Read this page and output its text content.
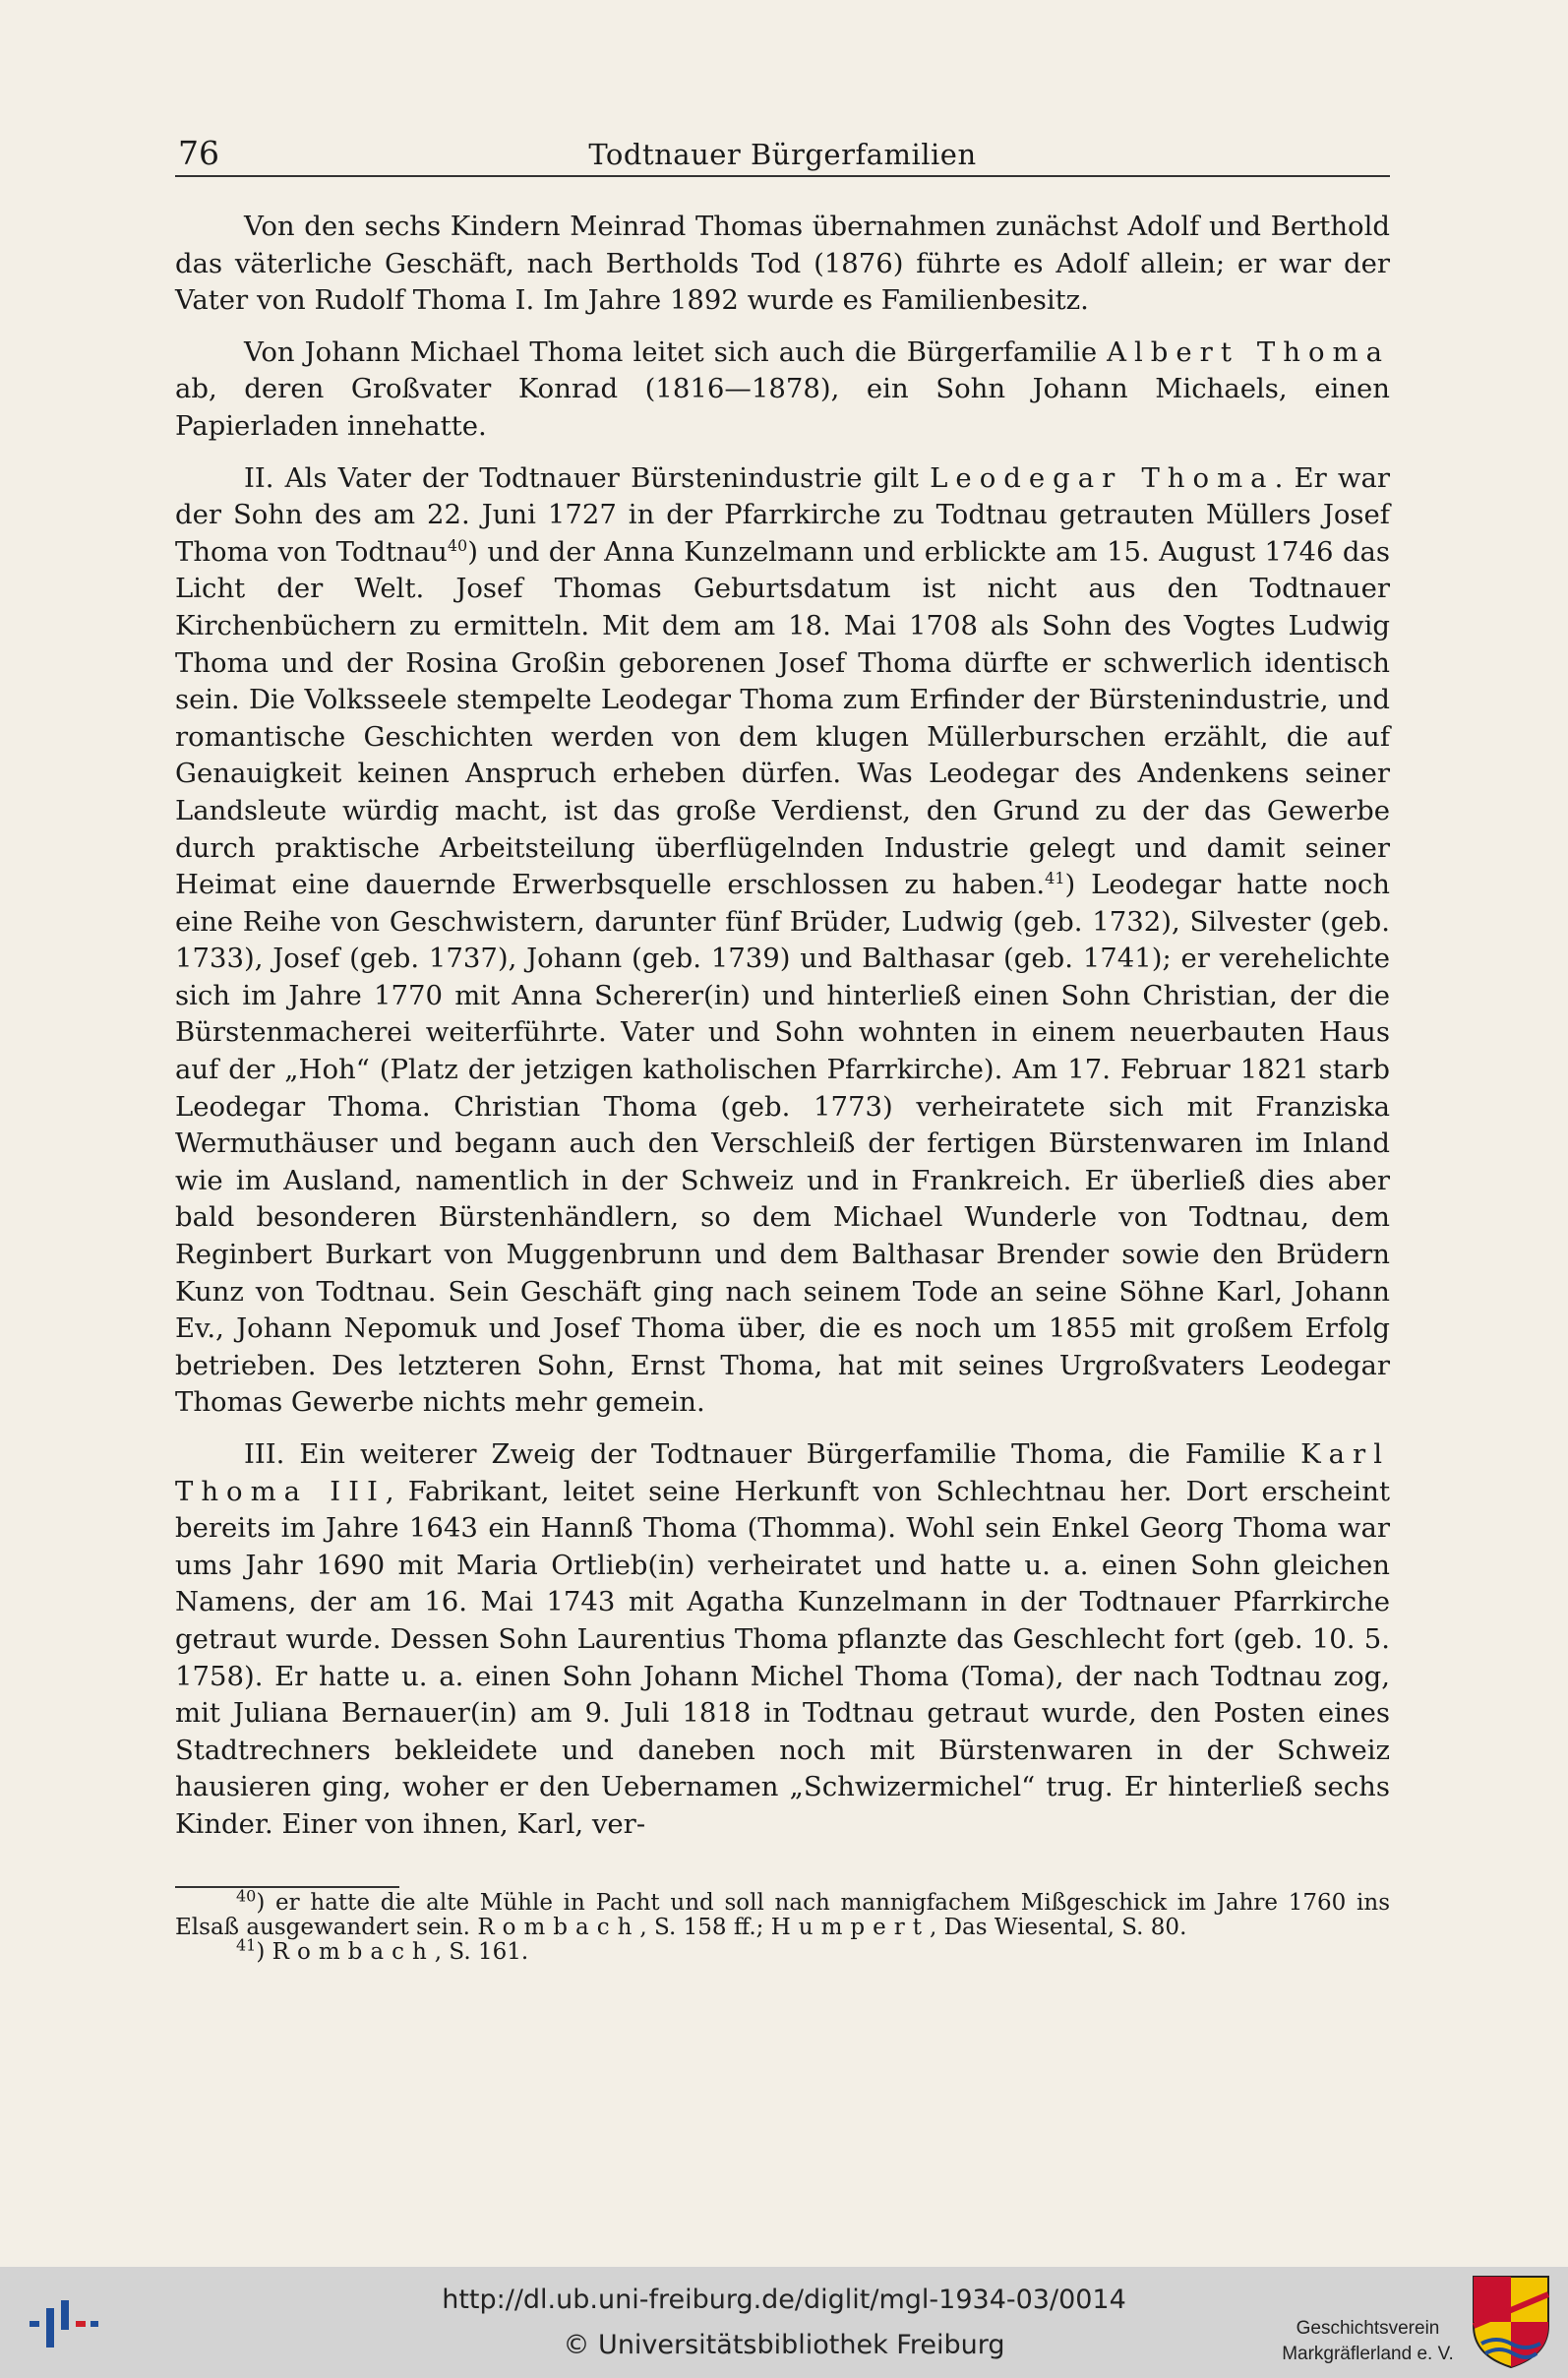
76	Todtnauer Bürgerfamilien

Von den sechs Kindern Meinrad Thomas übernahmen zunächst Adolf und Berthold das väterliche Geschäft, nach Bertholds Tod (1876) führte es Adolf allein; er war der Vater von Rudolf Thoma I. Im Jahre 1892 wurde es Familienbesitz.

Von Johann Michael Thoma leitet sich auch die Bürgerfamilie Albert Thoma ab, deren Großvater Konrad (1816—1878), ein Sohn Johann Michaels, einen Papierladen innehatte.

II. Als Vater der Todtnauer Bürstenindustrie gilt Leodegar Thoma. Er war der Sohn des am 22. Juni 1727 in der Pfarrkirche zu Todtnau getrauten Müllers Josef Thoma von Todtnau$^{40}$) und der Anna Kunzelmann und erblickte am 15. August 1746 das Licht der Welt. Josef Thomas Geburtsdatum ist nicht aus den Todtnauer Kirchenbüchern zu ermitteln. Mit dem am 18. Mai 1708 als Sohn des Vogtes Ludwig Thoma und der Rosina Großin geborenen Josef Thoma dürfte er schwerlich identisch sein. Die Volksseele stempelte Leodegar Thoma zum Erfinder der Bürstenindustrie, und romantische Geschichten werden von dem klugen Müllerburschen erzählt, die auf Genauigkeit keinen Anspruch erheben dürfen. Was Leodegar des Andenkens seiner Landsleute würdig macht, ist das große Verdienst, den Grund zu der das Gewerbe durch praktische Arbeitsteilung überflügelnden Industrie gelegt und damit seiner Heimat eine dauernde Erwerbsquelle erschlossen zu haben.$^{41}$) Leodegar hatte noch eine Reihe von Geschwistern, darunter fünf Brüder, Ludwig (geb. 1732), Silvester (geb. 1733), Josef (geb. 1737), Johann (geb. 1739) und Balthasar (geb. 1741); er verehelichte sich im Jahre 1770 mit Anna Scherer(in) und hinterließ einen Sohn Christian, der die Bürstenmacherei weiterführte. Vater und Sohn wohnten in einem neuerbauten Haus auf der „Hoh“ (Platz der jetzigen katholischen Pfarrkirche). Am 17. Februar 1821 starb Leodegar Thoma. Christian Thoma (geb. 1773) verheiratete sich mit Franziska Wermuthäuser und begann auch den Verschleiß der fertigen Bürstenwaren im Inland wie im Ausland, namentlich in der Schweiz und in Frankreich. Er überließ dies aber bald besonderen Bürstenhändlern, so dem Michael Wunderle von Todtnau, dem Reginbert Burkart von Muggenbrunn und dem Balthasar Brender sowie den Brüdern Kunz von Todtnau. Sein Geschäft ging nach seinem Tode an seine Söhne Karl, Johann Ev., Johann Nepomuk und Josef Thoma über, die es noch um 1855 mit großem Erfolg betrieben. Des letzteren Sohn, Ernst Thoma, hat mit seines Urgroßvaters Leodegar Thomas Gewerbe nichts mehr gemein.

III. Ein weiterer Zweig der Todtnauer Bürgerfamilie Thoma, die Familie Karl Thoma III, Fabrikant, leitet seine Herkunft von Schlechtnau her. Dort erscheint bereits im Jahre 1643 ein Hannß Thoma (Thomma). Wohl sein Enkel Georg Thoma war ums Jahr 1690 mit Maria Ortlieb(in) verheiratet und hatte u. a. einen Sohn gleichen Namens, der am 16. Mai 1743 mit Agatha Kunzelmann in der Todtnauer Pfarrkirche getraut wurde. Dessen Sohn Laurentius Thoma pflanzte das Geschlecht fort (geb. 10. 5. 1758). Er hatte u. a. einen Sohn Johann Michel Thoma (Toma), der nach Todtnau zog, mit Juliana Bernauer(in) am 9. Juli 1818 in Todtnau getraut wurde, den Posten eines Stadtrechners bekleidete und daneben noch mit Bürstenwaren in der Schweiz hausieren ging, woher er den Uebernamen „Schwizermichel“ trug. Er hinterließ sechs Kinder. Einer von ihnen, Karl, ver-

$^{40}$) er hatte die alte Mühle in Pacht und soll nach mannigfachem Mißgeschick im Jahre 1760 ins Elsaß ausgewandert sein. Rombach, S. 158 ff.; Humpert, Das Wiesental, S. 80.

$^{41}$) Rombach, S. 161.

http://dl.ub.uni-freiburg.de/diglit/mgl-1934-03/0014
© Universitätsbibliothek Freiburg
Geschichtsverein
Markgräflerland e. V.
